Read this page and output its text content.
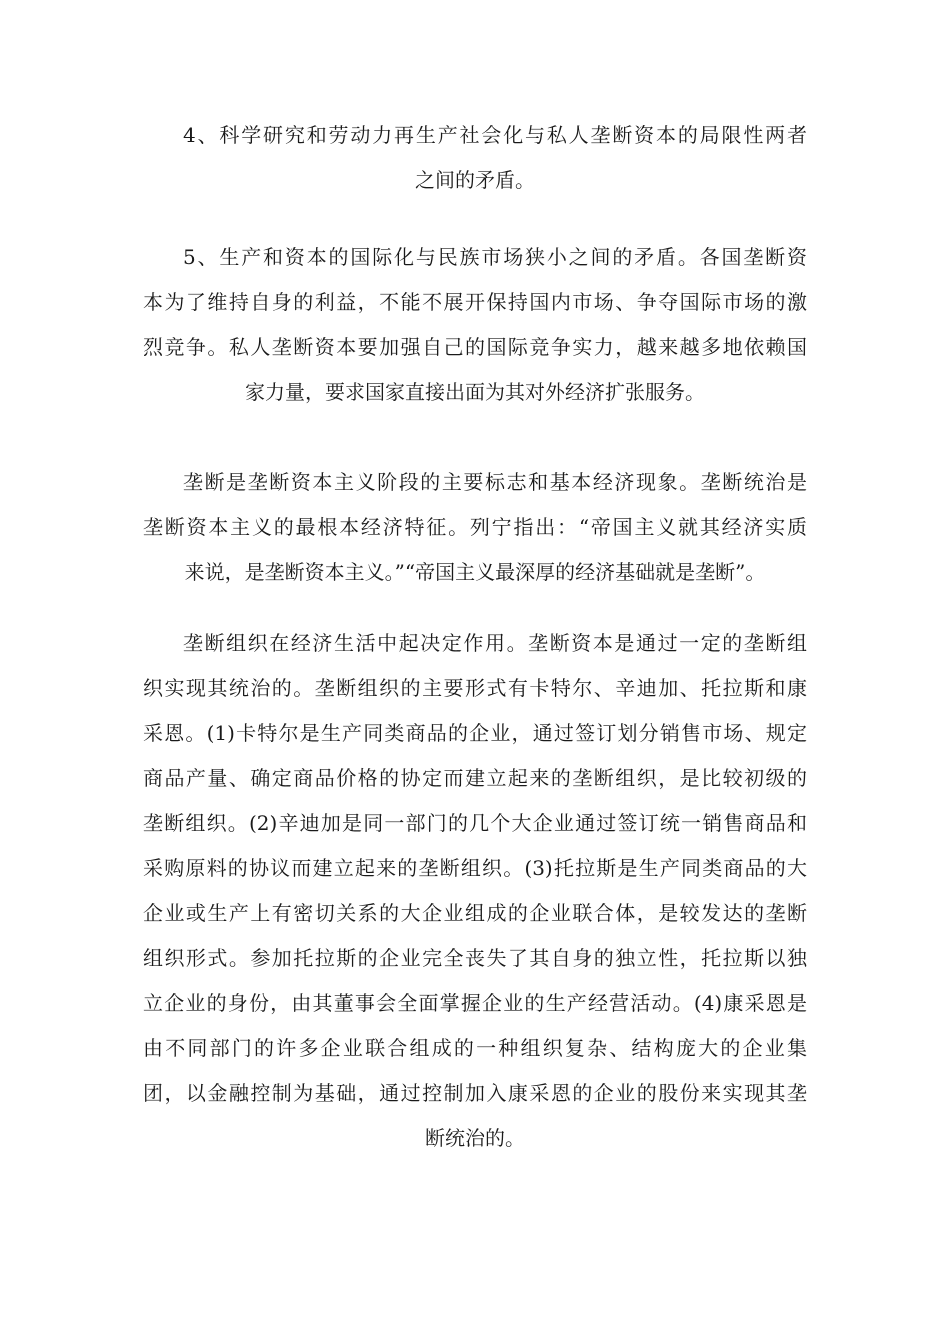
4、科学研究和劳动力再生产社会化与私人垄断资本的局限性两者
之间的矛盾。
5、生产和资本的国际化与民族市场狭小之间的矛盾。各国垄断资
本为了维持自身的利益，不能不展开保持国内市场、争夺国际市场的激
烈竞争。私人垄断资本要加强自己的国际竞争实力，越来越多地依赖国
家力量，要求国家直接出面为其对外经济扩张服务。
垄断是垄断资本主义阶段的主要标志和基本经济现象。垄断统治是
垄断资本主义的最根本经济特征。列宁指出：“帝国主义就其经济实质
来说，是垄断资本主义。”“帝国主义最深厚的经济基础就是垄断”。
垄断组织在经济生活中起决定作用。垄断资本是通过一定的垄断组
织实现其统治的。垄断组织的主要形式有卡特尔、辛迪加、托拉斯和康
采恩。(1)卡特尔是生产同类商品的企业，通过签订划分销售市场、规定
商品产量、确定商品价格的协定而建立起来的垄断组织，是比较初级的
垄断组织。(2)辛迪加是同一部门的几个大企业通过签订统一销售商品和
采购原料的协议而建立起来的垄断组织。(3)托拉斯是生产同类商品的大
企业或生产上有密切关系的大企业组成的企业联合体，是较发达的垄断
组织形式。参加托拉斯的企业完全丧失了其自身的独立性，托拉斯以独
立企业的身份，由其董事会全面掌握企业的生产经营活动。(4)康采恩是
由不同部门的许多企业联合组成的一种组织复杂、结构庞大的企业集
团，以金融控制为基础，通过控制加入康采恩的企业的股份来实现其垄
断统治的。
